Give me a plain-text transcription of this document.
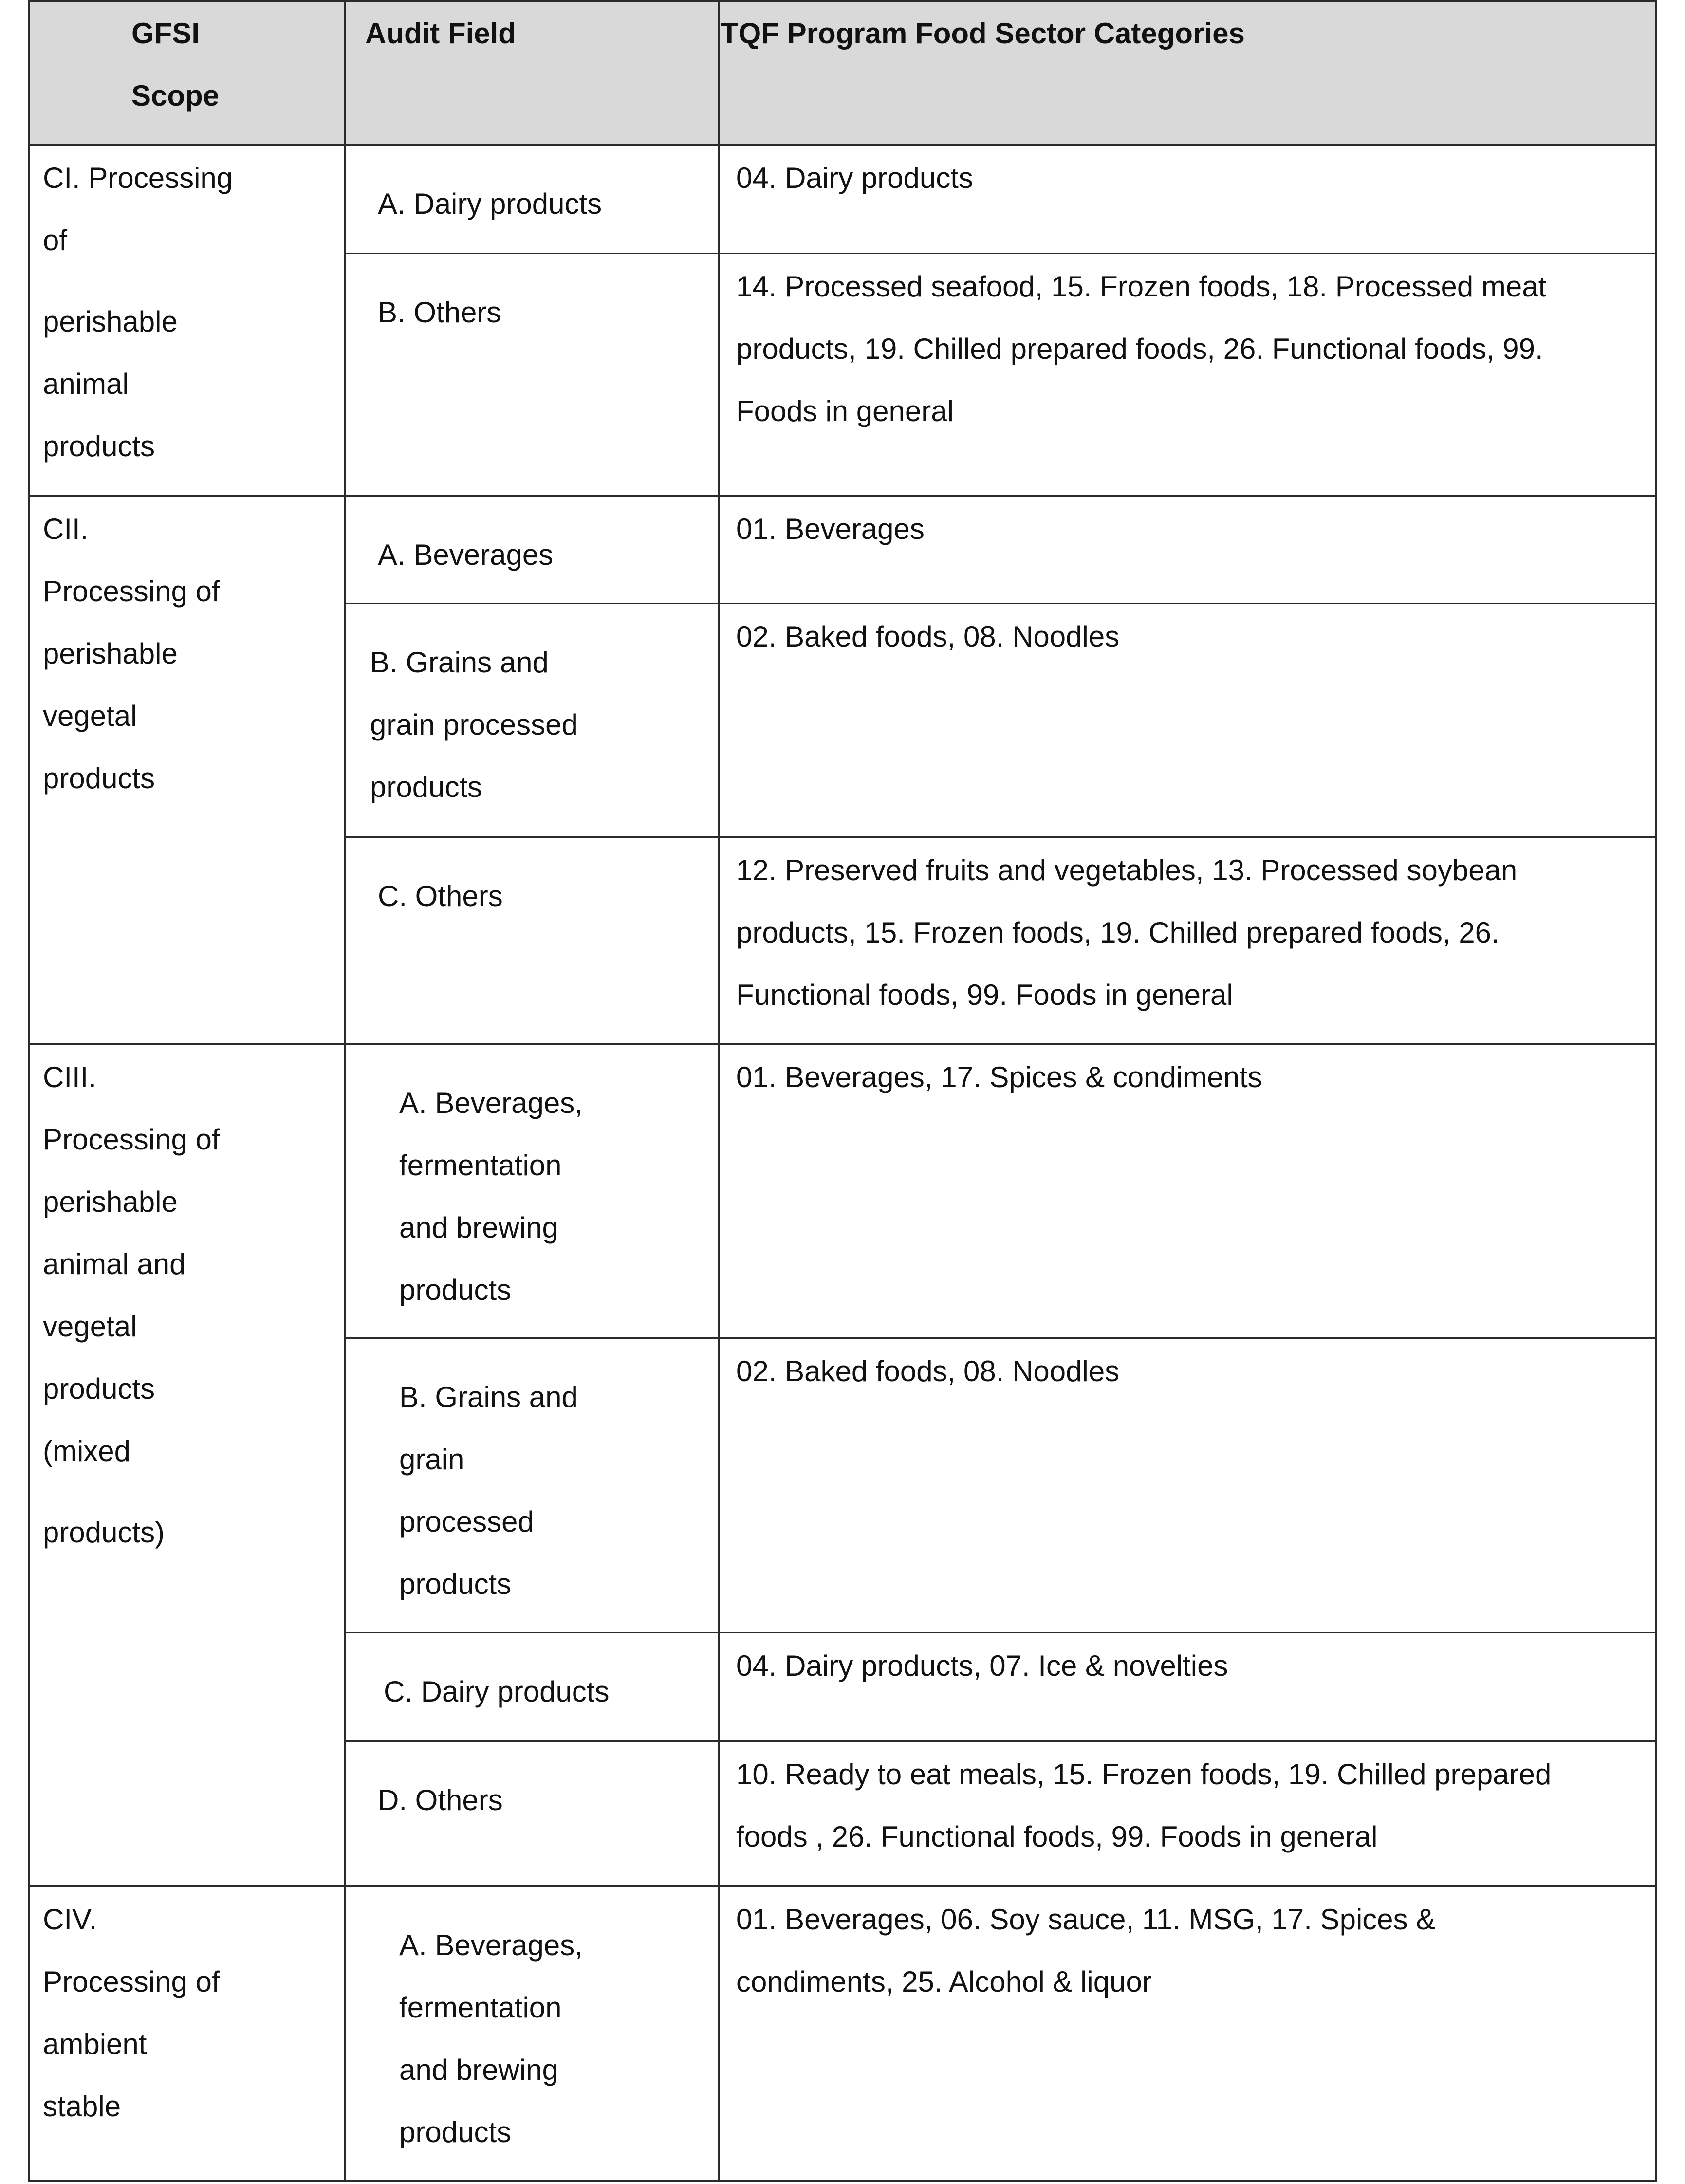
GFSI
Scope
Audit Field	TQF Program Food Sector Categories
CI. Processing
of
perishable
animal
products
A. Dairy products
04. Dairy products
B. Others
14. Processed seafood, 15. Frozen foods, 18. Processed meat
products, 19. Chilled prepared foods, 26. Functional foods, 99.
Foods in general
CII.
Processing of
perishable
vegetal
products
A. Beverages
01. Beverages
B. Grains and
grain processed
products
02. Baked foods, 08. Noodles
C. Others
12. Preserved fruits and vegetables, 13. Processed soybean
products, 15. Frozen foods, 19. Chilled prepared foods, 26.
Functional foods, 99. Foods in general
CIII.
Processing of
perishable
animal and
vegetal
products
(mixed
products)
A. Beverages,
fermentation
and brewing
products
01. Beverages, 17. Spices & condiments
B. Grains and
grain
processed
products
02. Baked foods, 08. Noodles
C. Dairy products
04. Dairy products, 07. Ice & novelties
D. Others
10. Ready to eat meals, 15. Frozen foods, 19. Chilled prepared
foods , 26. Functional foods, 99. Foods in general
CIV.
Processing of
ambient
stable
A. Beverages,
fermentation
and brewing
products
01. Beverages, 06. Soy sauce, 11. MSG, 17. Spices &
condiments, 25. Alcohol & liquor
